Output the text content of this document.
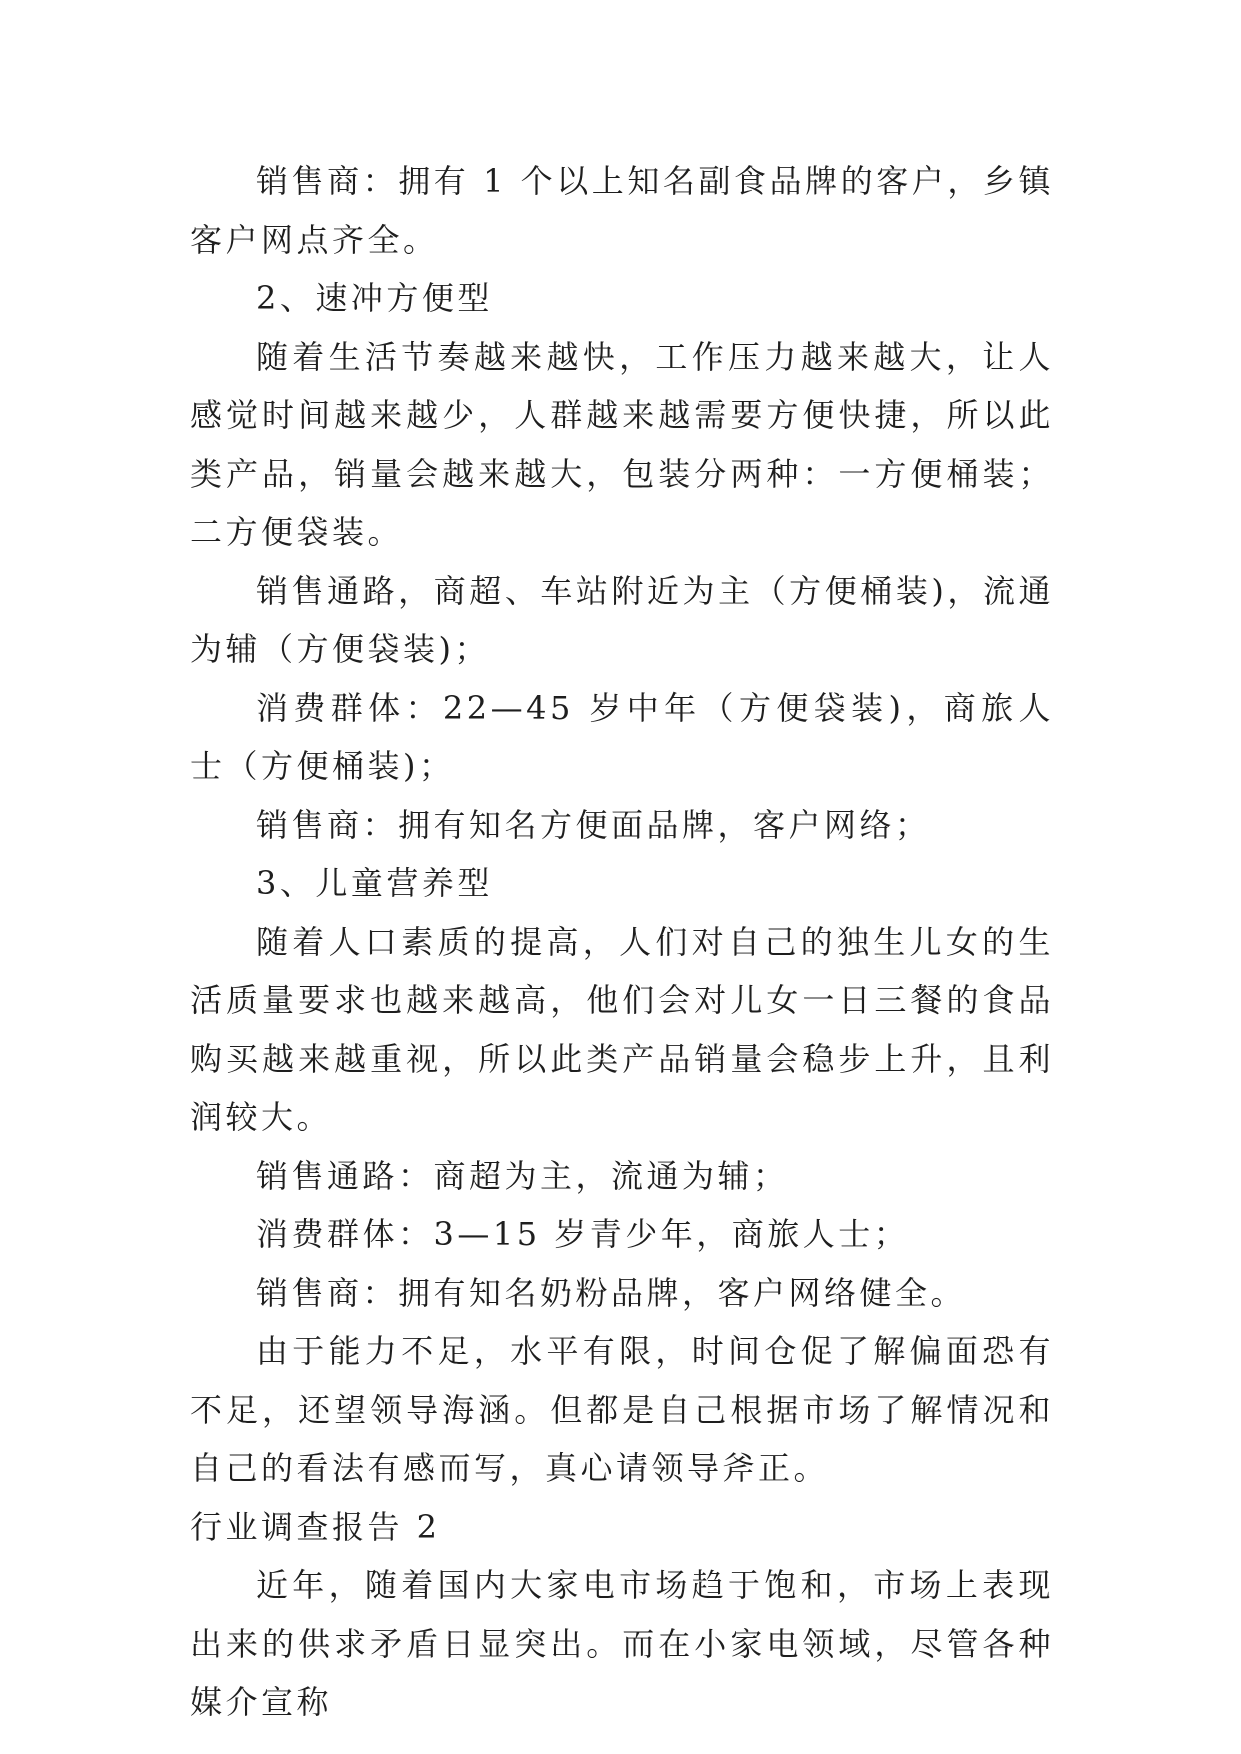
销售商：拥有 1 个以上知名副食品牌的客户，乡镇客户网点齐全。

2、速冲方便型

随着生活节奏越来越快，工作压力越来越大，让人感觉时间越来越少，人群越来越需要方便快捷，所以此类产品，销量会越来越大，包装分两种：一方便桶装；二方便袋装。

销售通路，商超、车站附近为主（方便桶装)，流通为辅（方便袋装)；

消费群体：22—45 岁中年（方便袋装)，商旅人士（方便桶装)；

销售商：拥有知名方便面品牌，客户网络；

3、儿童营养型

随着人口素质的提高，人们对自己的独生儿女的生活质量要求也越来越高，他们会对儿女一日三餐的食品购买越来越重视，所以此类产品销量会稳步上升，且利润较大。

销售通路：商超为主，流通为辅；

消费群体：3—15 岁青少年，商旅人士；

销售商：拥有知名奶粉品牌，客户网络健全。

由于能力不足，水平有限，时间仓促了解偏面恐有不足，还望领导海涵。但都是自己根据市场了解情况和自己的看法有感而写，真心请领导斧正。

行业调查报告 2

近年，随着国内大家电市场趋于饱和，市场上表现出来的供求矛盾日显突出。而在小家电领域，尽管各种媒介宣称
